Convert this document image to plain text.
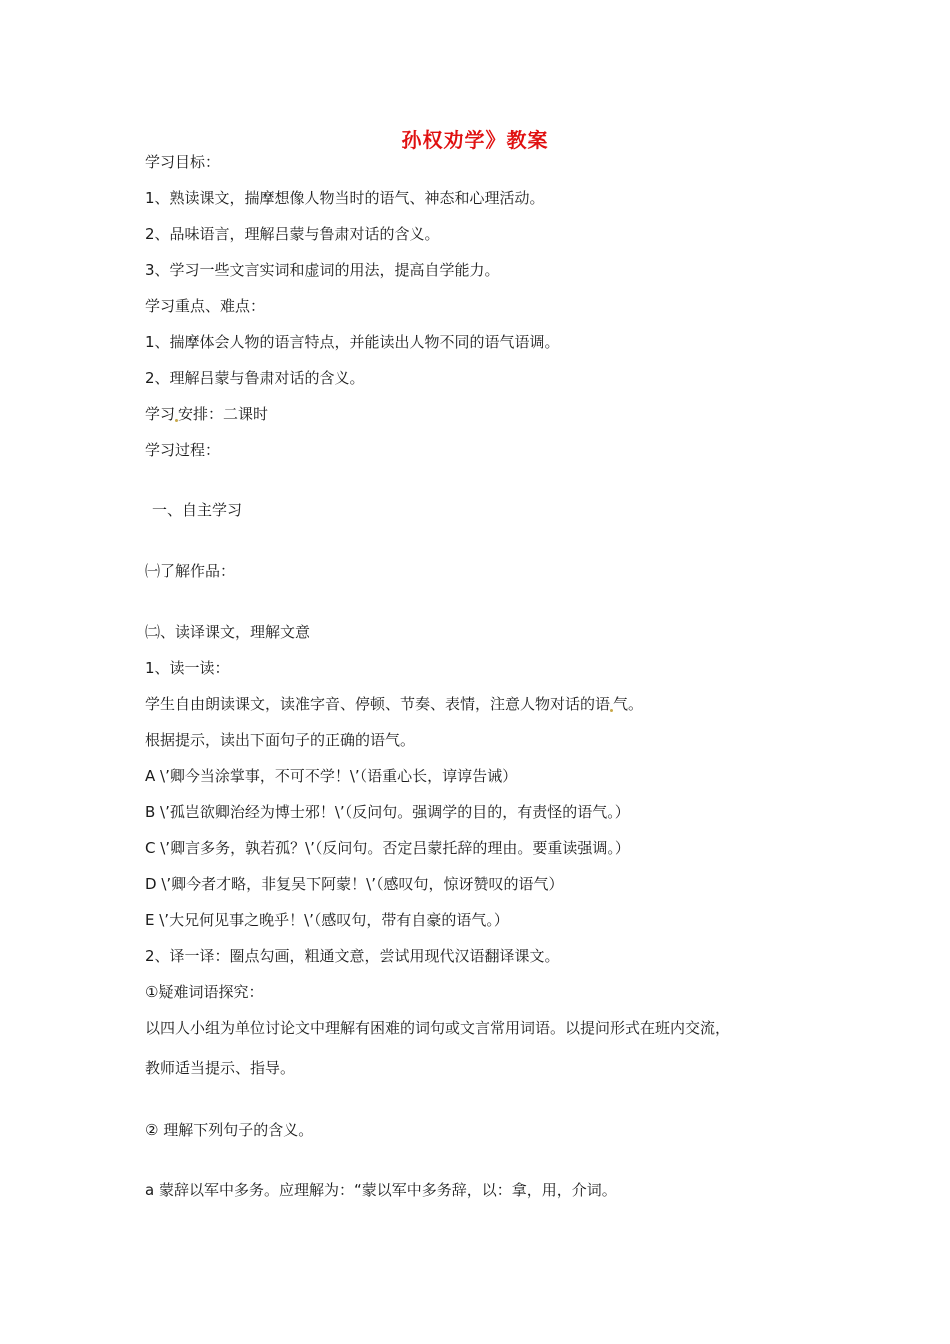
孙权劝学》教案
学习目标：
1、熟读课文，揣摩想像人物当时的语气、神态和心理活动。
2、品味语言，理解吕蒙与鲁肃对话的含义。
3、学习一些文言实词和虚词的用法，提高自学能力。
学习重点、难点：
1、揣摩体会人物的语言特点，并能读出人物不同的语气语调。
2、理解吕蒙与鲁肃对话的含义。
学习 安排：二课时
学习过程：
一、自主学习
㈠了解作品：
㈡、读译课文，理解文意
1、读一读：
学生自由朗读课文，读准字音、停顿、节奏、表情，注意人物对话的语 气。
根据提示，读出下面句子的正确的语气。
A \’卿今当涂掌事，不可不学！\’（语重心长，谆谆告诫）
B \’孤岂欲卿治经为博士邪！\’（反问句。强调学的目的，有责怪的语气。）
C \’卿言多务，孰若孤？\’（反问句。否定吕蒙托辞的理由。要重读强调。）
D \’卿今者才略，非复吴下阿蒙！\’（感叹句，惊讶赞叹的语气）
E \’大兄何见事之晚乎！\’（感叹句，带有自豪的语气。）
2、译一译：圈点勾画，粗通文意，尝试用现代汉语翻译课文。
①疑难词语探究：
以四人小组为单位讨论文中理解有困难的词句或文言常用词语。以提问形式在班内交流，
教师适当提示、指导。
② 理解下列句子的含义。
a 蒙辞以军中多务。应理解为：“蒙以军中多务辞，以：拿，用，介词。
